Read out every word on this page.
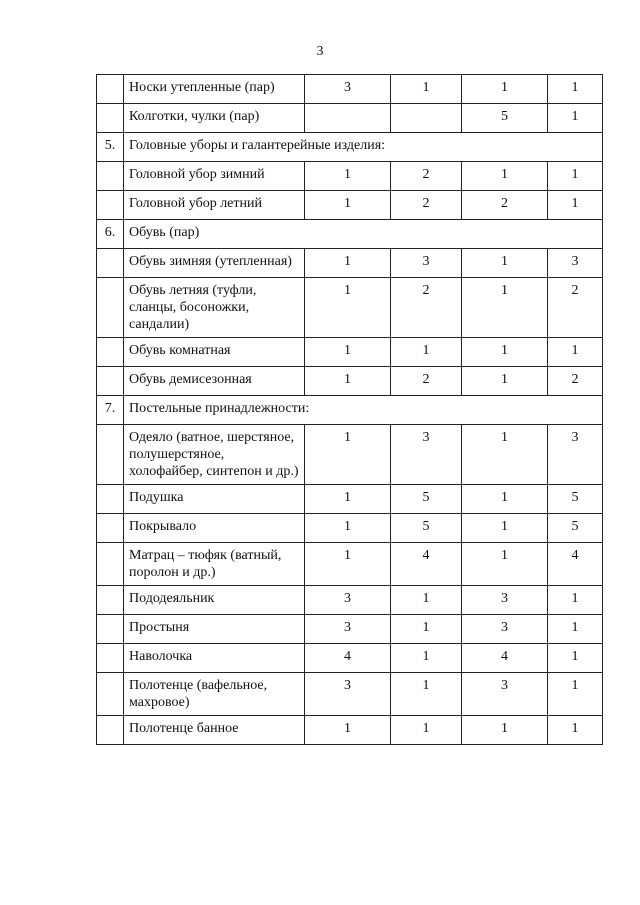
3
	Носки утепленные (пар)	3	1	1	1
	Колготки, чулки (пар)			5	1
5.	Головные уборы и галантерейные изделия:				
	Головной убор зимний	1	2	1	1
	Головной убор летний	1	2	2	1
6.	Обувь (пар)				
	Обувь зимняя (утепленная)	1	3	1	3
	Обувь летняя (туфли, сланцы, босоножки, сандалии)	1	2	1	2
	Обувь комнатная	1	1	1	1
	Обувь демисезонная	1	2	1	2
7.	Постельные принадлежности:				
	Одеяло (ватное, шерстяное, полушерстяное, холофайбер, синтепон и др.)	1	3	1	3
	Подушка	1	5	1	5
	Покрывало	1	5	1	5
	Матрац – тюфяк (ватный, поролон и др.)	1	4	1	4
	Пододеяльник	3	1	3	1
	Простыня	3	1	3	1
	Наволочка	4	1	4	1
	Полотенце (вафельное, махровое)	3	1	3	1
	Полотенце банное	1	1	1	1
